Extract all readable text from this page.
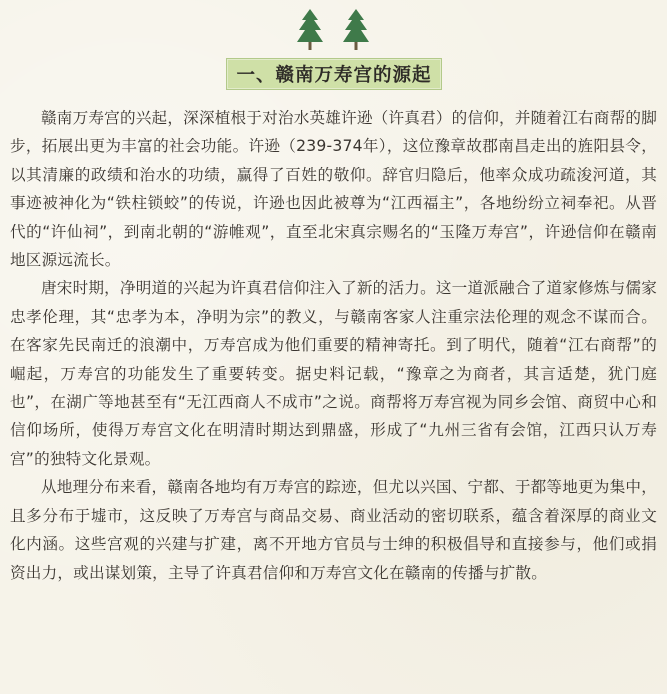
一、赣南万寿宫的源起

赣南万寿宫的兴起，深深植根于对治水英雄许逊（许真君）的信仰，并随着江右商帮的脚步，拓展出更为丰富的社会功能。许逊（239-374年），这位豫章故郡南昌走出的旌阳县令，以其清廉的政绩和治水的功绩，赢得了百姓的敬仰。辞官归隐后，他率众成功疏浚河道，其事迹被神化为“铁柱锁蛟”的传说，许逊也因此被尊为“江西福主”，各地纷纷立祠奉祀。从晋代的“许仙祠”，到南北朝的“游帷观”，直至北宋真宗赐名的“玉隆万寿宫”，许逊信仰在赣南地区源远流长。

唐宋时期，净明道的兴起为许真君信仰注入了新的活力。这一道派融合了道家修炼与儒家忠孝伦理，其“忠孝为本，净明为宗”的教义，与赣南客家人注重宗法伦理的观念不谋而合。在客家先民南迁的浪潮中，万寿宫成为他们重要的精神寄托。到了明代，随着“江右商帮”的崛起，万寿宫的功能发生了重要转变。据史料记载，“豫章之为商者，其言适楚，犹门庭也”，在湖广等地甚至有“无江西商人不成市”之说。商帮将万寿宫视为同乡会馆、商贸中心和信仰场所，使得万寿宫文化在明清时期达到鼎盛，形成了“九州三省有会馆，江西只认万寿宫”的独特文化景观。

从地理分布来看，赣南各地均有万寿宫的踪迹，但尤以兴国、宁都、于都等地更为集中，且多分布于墟市，这反映了万寿宫与商品交易、商业活动的密切联系，蕴含着深厚的商业文化内涵。这些宫观的兴建与扩建，离不开地方官员与士绅的积极倡导和直接参与，他们或捐资出力，或出谋划策，主导了许真君信仰和万寿宫文化在赣南的传播与扩散。
